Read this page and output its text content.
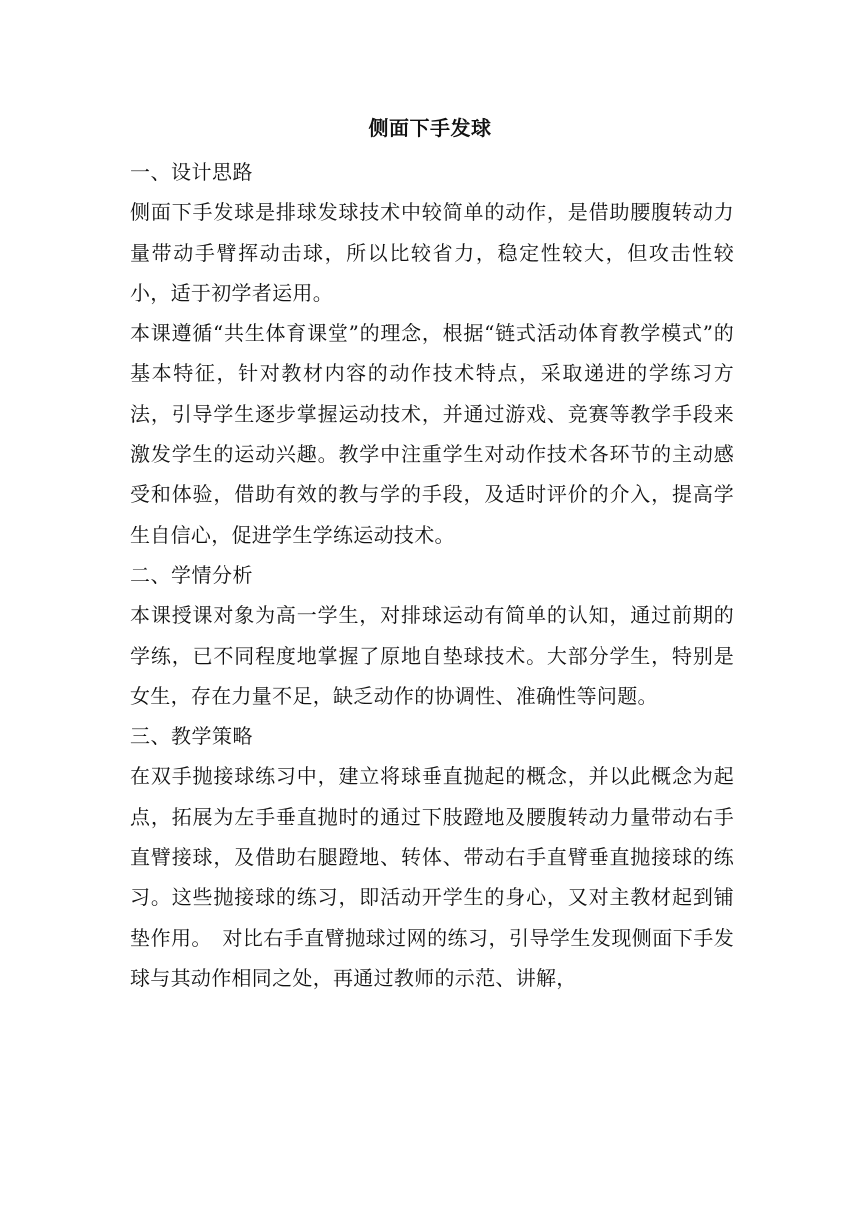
侧面下手发球
一、设计思路
侧面下手发球是排球发球技术中较简单的动作，是借助腰腹转动力量带动手臂挥动击球，所以比较省力，稳定性较大，但攻击性较小，适于初学者运用。
本课遵循“共生体育课堂”的理念，根据“链式活动体育教学模式”的基本特征，针对教材内容的动作技术特点，采取递进的学练习方法，引导学生逐步掌握运动技术，并通过游戏、竞赛等教学手段来激发学生的运动兴趣。教学中注重学生对动作技术各环节的主动感受和体验，借助有效的教与学的手段，及适时评价的介入，提高学生自信心，促进学生学练运动技术。
二、学情分析
本课授课对象为高一学生，对排球运动有简单的认知，通过前期的学练，已不同程度地掌握了原地自垫球技术。大部分学生，特别是女生，存在力量不足，缺乏动作的协调性、准确性等问题。
三、教学策略
在双手抛接球练习中，建立将球垂直抛起的概念，并以此概念为起点，拓展为左手垂直抛时的通过下肢蹬地及腰腹转动力量带动右手直臂接球，及借助右腿蹬地、转体、带动右手直臂垂直抛接球的练习。这些抛接球的练习，即活动开学生的身心，又对主教材起到铺垫作用。　对比右手直臂抛球过网的练习，引导学生发现侧面下手发球与其动作相同之处，再通过教师的示范、讲解，
